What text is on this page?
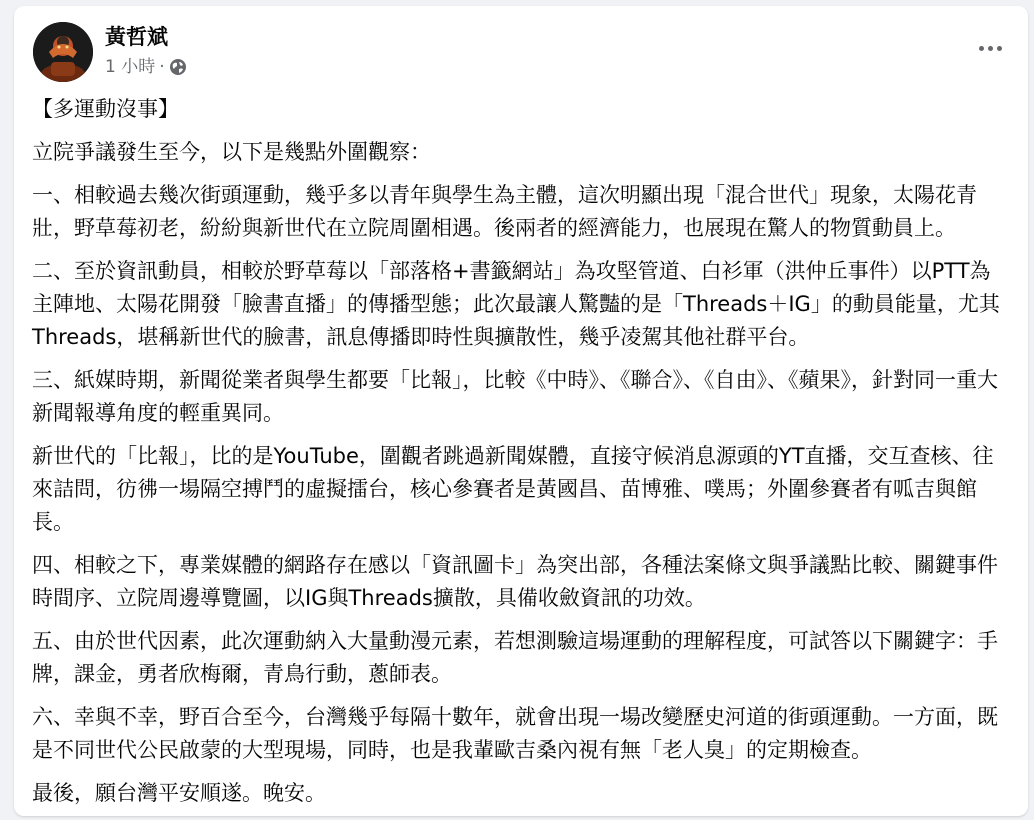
黃哲斌
1 小時 ·

【多運動沒事】

立院爭議發生至今，以下是幾點外圍觀察：

一、相較過去幾次街頭運動，幾乎多以青年與學生為主體，這次明顯出現「混合世代」現象，太陽花青壯，野草莓初老，紛紛與新世代在立院周圍相遇。後兩者的經濟能力，也展現在驚人的物質動員上。

二、至於資訊動員，相較於野草莓以「部落格+書籤網站」為攻堅管道、白衫軍（洪仲丘事件）以PTT為主陣地、太陽花開發「臉書直播」的傳播型態；此次最讓人驚豔的是「Threads＋IG」的動員能量，尤其 Threads，堪稱新世代的臉書，訊息傳播即時性與擴散性，幾乎凌駕其他社群平台。

三、紙媒時期，新聞從業者與學生都要「比報」，比較《中時》、《聯合》、《自由》、《蘋果》，針對同一重大新聞報導角度的輕重異同。

新世代的「比報」，比的是YouTube，圍觀者跳過新聞媒體，直接守候消息源頭的YT直播，交互查核、往來詰問，彷彿一場隔空搏鬥的虛擬擂台，核心參賽者是黃國昌、苗博雅、噗馬；外圍參賽者有呱吉與館長。

四、相較之下，專業媒體的網路存在感以「資訊圖卡」為突出部，各種法案條文與爭議點比較、關鍵事件時間序、立院周邊導覽圖，以IG與Threads擴散，具備收斂資訊的功效。

五、由於世代因素，此次運動納入大量動漫元素，若想測驗這場運動的理解程度，可試答以下關鍵字：手牌，課金，勇者欣梅爾，青鳥行動，蔥師表。

六、幸與不幸，野百合至今，台灣幾乎每隔十數年，就會出現一場改變歷史河道的街頭運動。一方面，既是不同世代公民啟蒙的大型現場，同時，也是我輩歐吉桑內視有無「老人臭」的定期檢查。

最後，願台灣平安順遂。晚安。
